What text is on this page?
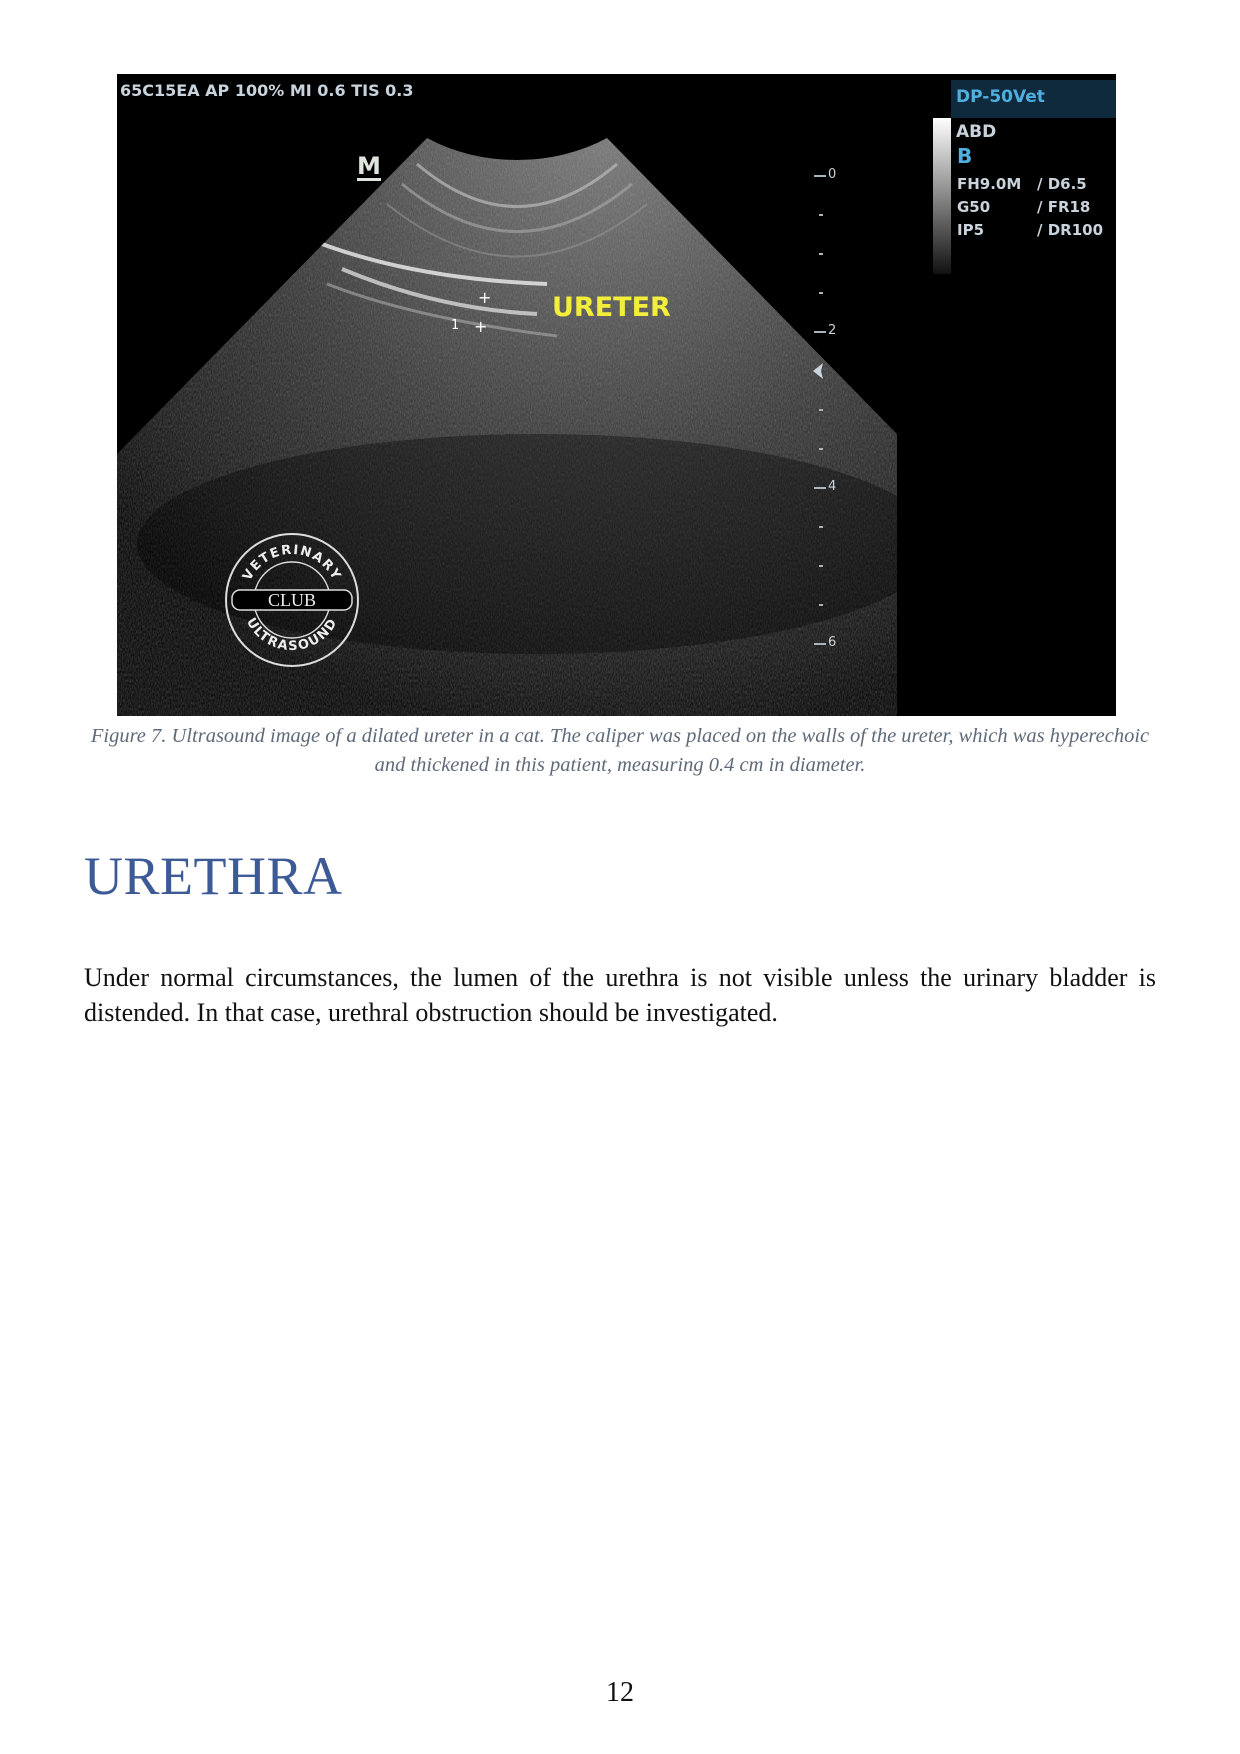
65C15EA AP 100% MI 0.6 TIS 0.3
M
DP-50Vet
ABD
B
FH9.0M / D6.5
G50	/ FR18
IP5	/ DR100
0
2
4
6
URETER
+
+
1
VETERINARY
ULTRASOUND
CLUB
Figure 7. Ultrasound image of a dilated ureter in a cat. The caliper was placed on the walls of the ureter, which was hyperechoic and thickened in this patient, measuring 0.4 cm in diameter.
URETHRA

Under normal circumstances, the lumen of the urethra is not visible unless the urinary bladder is distended. In that case, urethral obstruction should be investigated.

12
